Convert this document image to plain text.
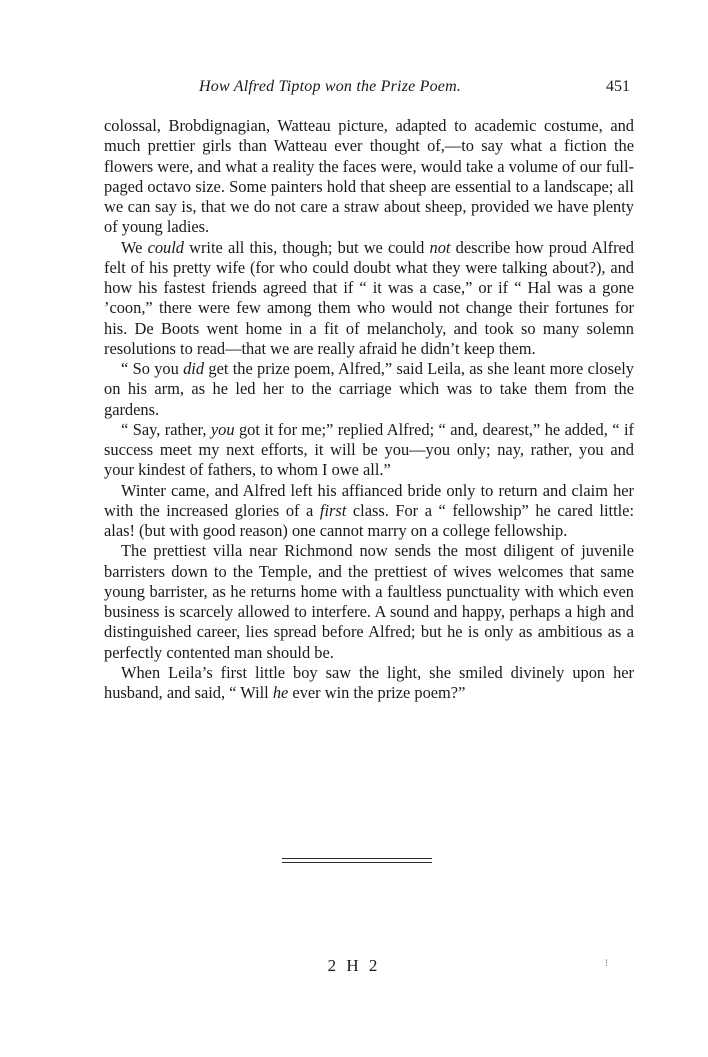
How Alfred Tiptop won the Prize Poem.	451

colossal, Brobdignagian, Watteau picture, adapted to academic costume, and much prettier girls than Watteau ever thought of,—to say what a fiction the flowers were, and what a reality the faces were, would take a volume of our full-paged octavo size. Some painters hold that sheep are essential to a landscape; all we can say is, that we do not care a straw about sheep, provided we have plenty of young ladies.

We could write all this, though; but we could not describe how proud Alfred felt of his pretty wife (for who could doubt what they were talking about?), and how his fastest friends agreed that if “ it was a case,” or if “ Hal was a gone ’coon,” there were few among them who would not change their fortunes for his. De Boots went home in a fit of melancholy, and took so many solemn resolutions to read—that we are really afraid he didn’t keep them.

“ So you did get the prize poem, Alfred,” said Leila, as she leant more closely on his arm, as he led her to the carriage which was to take them from the gardens.

“ Say, rather, you got it for me;” replied Alfred; “ and, dearest,” he added, “ if success meet my next efforts, it will be you—you only; nay, rather, you and your kindest of fathers, to whom I owe all.”

Winter came, and Alfred left his affianced bride only to return and claim her with the increased glories of a first class. For a “ fellowship” he cared little: alas! (but with good reason) one cannot marry on a college fellowship.

The prettiest villa near Richmond now sends the most diligent of juvenile barristers down to the Temple, and the prettiest of wives welcomes that same young barrister, as he returns home with a faultless punctuality with which even business is scarcely allowed to interfere. A sound and happy, perhaps a high and distinguished career, lies spread before Alfred; but he is only as ambitious as a perfectly contented man should be.

When Leila’s first little boy saw the light, she smiled divinely upon her husband, and said, “ Will he ever win the prize poem?”

2 H 2	⁝
